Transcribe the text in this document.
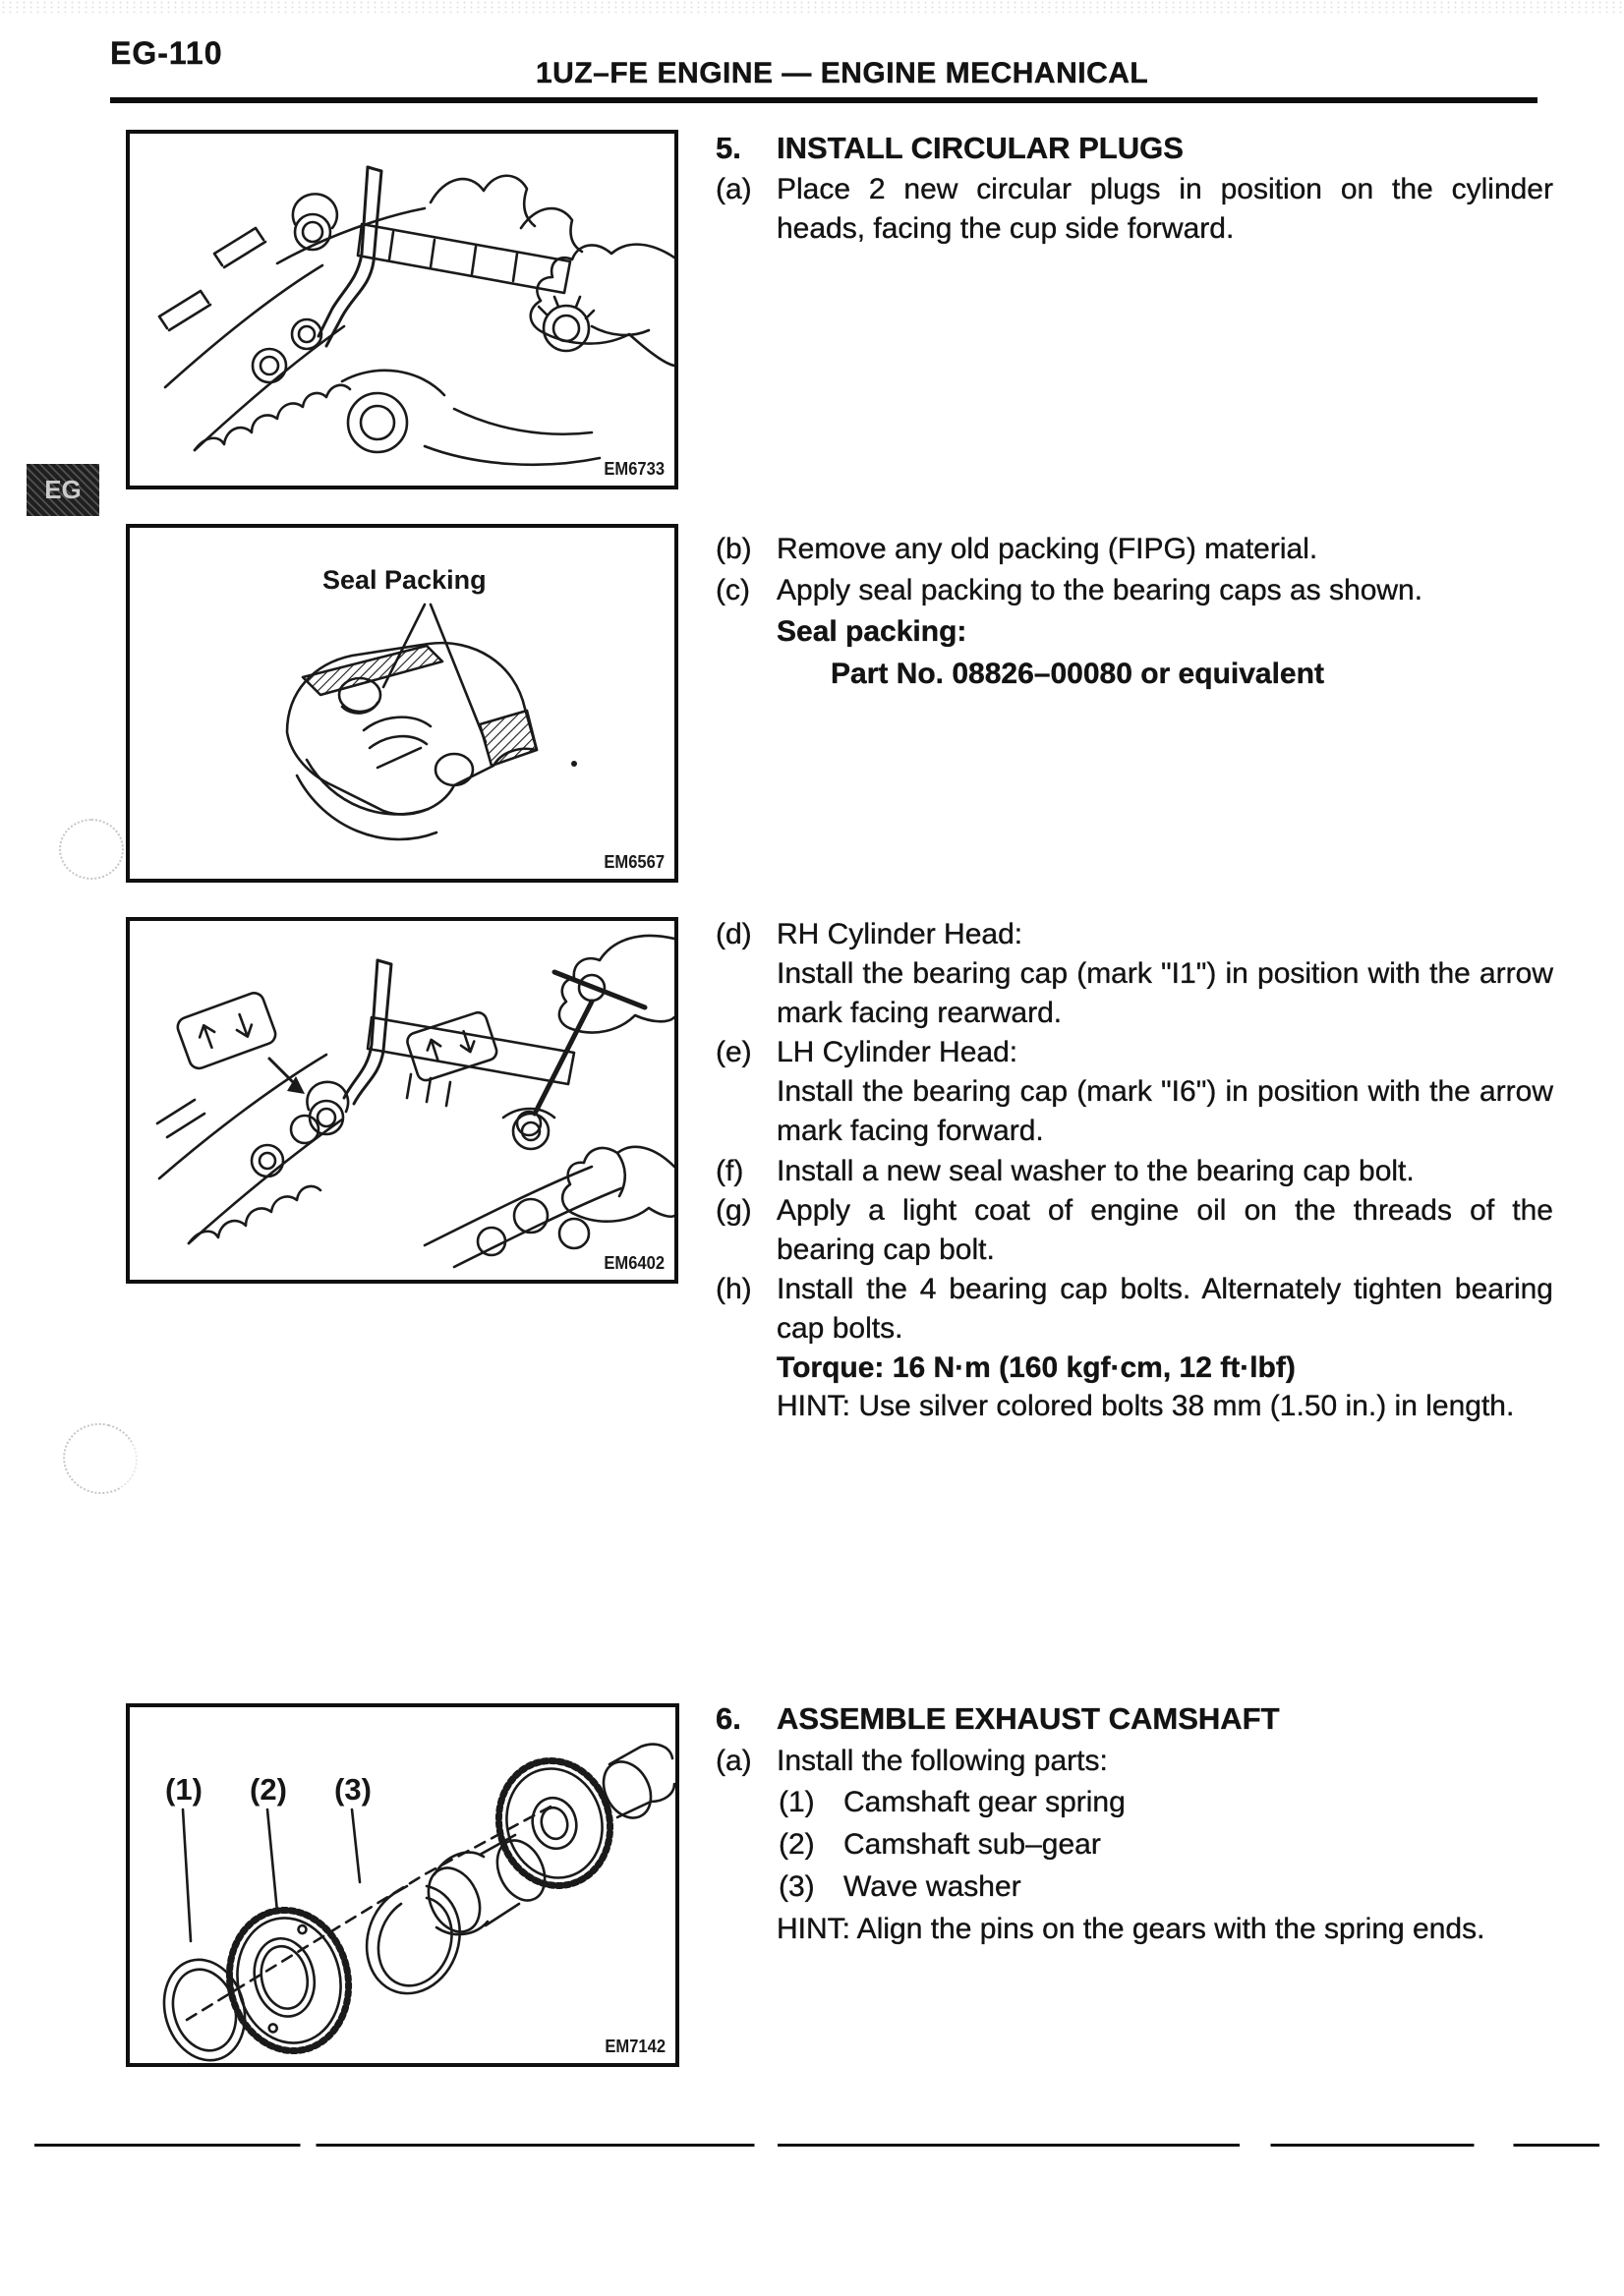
EG-110
1UZ–FE ENGINE — ENGINE MECHANICAL
EG
EM6733
Seal Packing
EM6567
EM6402
(1) (2) (3)
EM7142
5.	INSTALL CIRCULAR PLUGS
(a) Place 2 new circular plugs in position on the cylinder heads, facing the cup side forward.
(b) Remove any old packing (FIPG) material.
(c) Apply seal packing to the bearing caps as shown.
Seal packing:
Part No. 08826–00080 or equivalent
(d) RH Cylinder Head:
Install the bearing cap (mark "I1") in position with the arrow mark facing rearward.
(e) LH Cylinder Head:
Install the bearing cap (mark "I6") in position with the arrow mark facing forward.
(f)	Install a new seal washer to the bearing cap bolt.
(g) Apply a light coat of engine oil on the threads of the bearing cap bolt.
(h) Install the 4 bearing cap bolts. Alternately tighten bearing cap bolts.
Torque: 16 N·m (160 kgf·cm, 12 ft·lbf)
HINT: Use silver colored bolts 38 mm (1.50 in.) in length.
6.	ASSEMBLE EXHAUST CAMSHAFT
(a) Install the following parts:
(1) Camshaft gear spring
(2) Camshaft sub–gear
(3) Wave washer
HINT: Align the pins on the gears with the spring ends.
